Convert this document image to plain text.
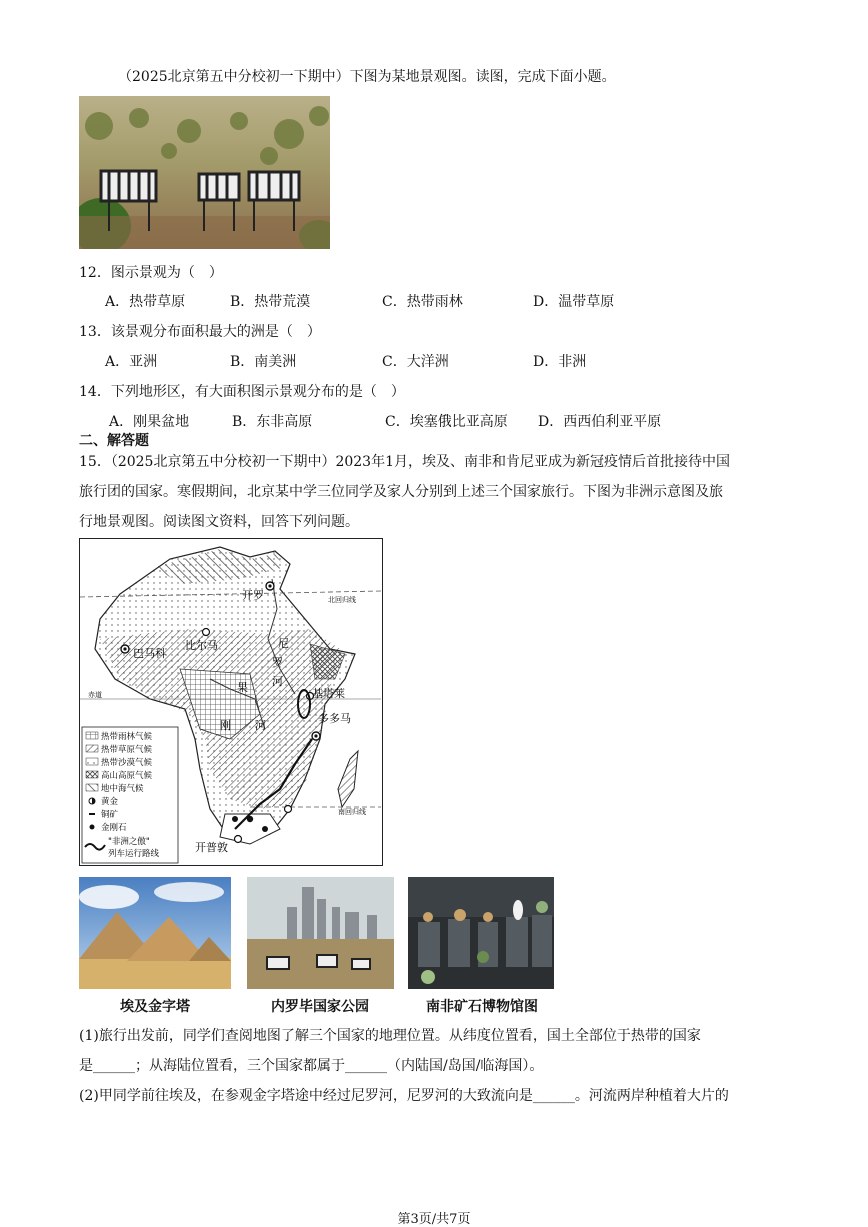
（2025北京第五中分校初一下期中）下图为某地景观图。读图，完成下面小题。
12．图示景观为（　）
A．热带草原	B．热带荒漠	C．热带雨林	D．温带草原
13．该景观分布面积最大的洲是（　）
A．亚洲	B．南美洲	C．大洋洲	D．非洲
14．下列地形区，有大面积图示景观分布的是（　）
A．刚果盆地	B．东非高原	C．埃塞俄比亚高原 D．西西伯利亚平原
二、解答题
15．（2025北京第五中分校初一下期中）2023年1月，埃及、南非和肯尼亚成为新冠疫情后首批接待中国
旅行团的国家。寒假期间，北京某中学三位同学及家人分别到上述三个国家旅行。下图为非洲示意图及旅
行地景观图。阅读图文资料，回答下列问题。
开罗
巴马科
比尔马	尼
罗
河
基塔莱
多多马
果
刚 河
开普敦
北回归线
南回归线
赤道
热带雨林气候
热带草原气候
热带沙漠气候
高山高原气候
地中海气候
黄金
铜矿
金刚石
"非洲之傲"
列车运行路线
埃及金字塔	内罗毕国家公园	南非矿石博物馆图
(1)旅行出发前，同学们查阅地图了解三个国家的地理位置。从纬度位置看，国土全部位于热带的国家
是______；从海陆位置看，三个国家都属于______（内陆国/岛国/临海国）。
(2)甲同学前往埃及，在参观金字塔途中经过尼罗河，尼罗河的大致流向是______。河流两岸种植着大片的
第3页/共7页
